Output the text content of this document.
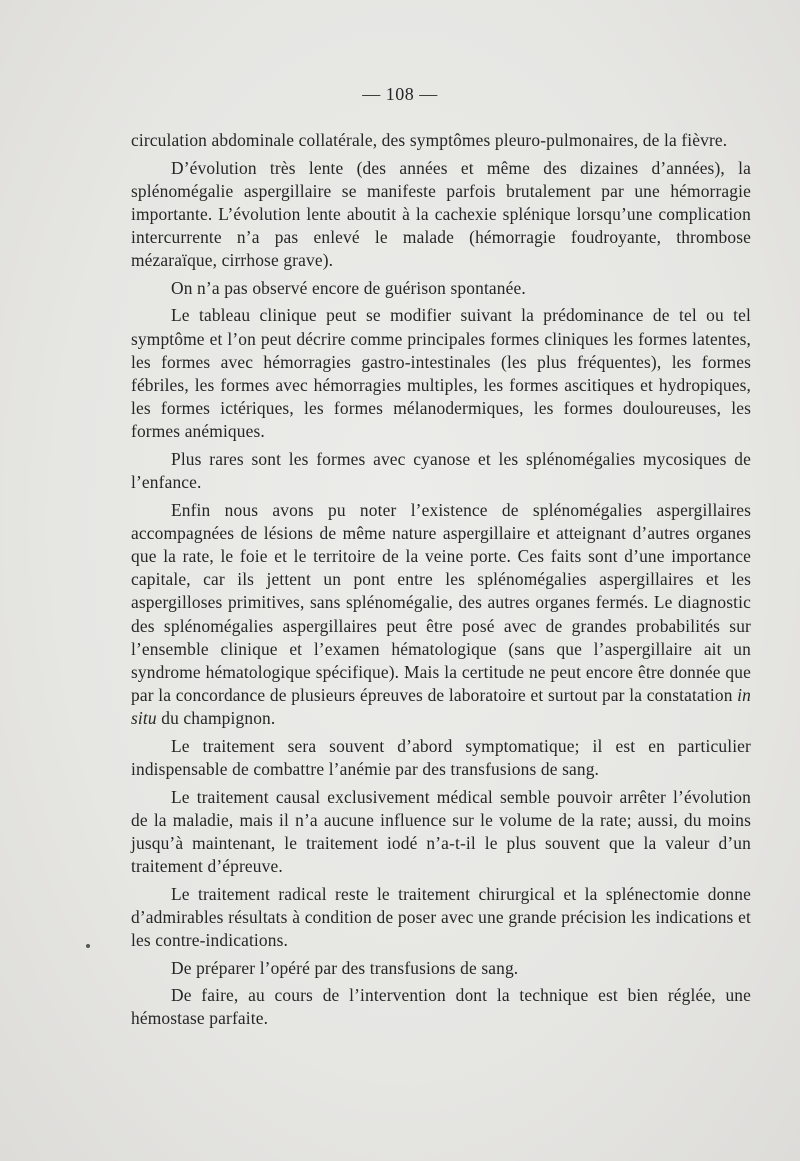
— 108 —

circulation abdominale collatérale, des symptômes pleuro-pulmonaires, de la fièvre.

D’évolution très lente (des années et même des dizaines d’années), la splénomégalie aspergillaire se manifeste parfois brutalement par une hémorragie importante. L’évolution lente aboutit à la cachexie splénique lorsqu’une complication intercurrente n’a pas enlevé le malade (hémorragie foudroyante, thrombose mézaraïque, cirrhose grave).

On n’a pas observé encore de guérison spontanée.

Le tableau clinique peut se modifier suivant la prédominance de tel ou tel symptôme et l’on peut décrire comme principales formes cliniques les formes latentes, les formes avec hémorragies gastro-intestinales (les plus fréquentes), les formes fébriles, les formes avec hémorragies multiples, les formes ascitiques et hydropiques, les formes ictériques, les formes mélanodermiques, les formes douloureuses, les formes anémiques.

Plus rares sont les formes avec cyanose et les splénomégalies mycosiques de l’enfance.

Enfin nous avons pu noter l’existence de splénomégalies aspergillaires accompagnées de lésions de même nature aspergillaire et atteignant d’autres organes que la rate, le foie et le territoire de la veine porte. Ces faits sont d’une importance capitale, car ils jettent un pont entre les splénomégalies aspergillaires et les aspergilloses primitives, sans splénomégalie, des autres organes fermés. Le diagnostic des splénomégalies aspergillaires peut être posé avec de grandes probabilités sur l’ensemble clinique et l’examen hématologique (sans que l’aspergillaire ait un syndrome hématologique spécifique). Mais la certitude ne peut encore être donnée que par la concordance de plusieurs épreuves de laboratoire et surtout par la constatation in situ du champignon.

Le traitement sera souvent d’abord symptomatique; il est en particulier indispensable de combattre l’anémie par des transfusions de sang.

Le traitement causal exclusivement médical semble pouvoir arrêter l’évolution de la maladie, mais il n’a aucune influence sur le volume de la rate; aussi, du moins jusqu’à maintenant, le traitement iodé n’a-t-il le plus souvent que la valeur d’un traitement d’épreuve.

Le traitement radical reste le traitement chirurgical et la splénectomie donne d’admirables résultats à condition de poser avec une grande précision les indications et les contre-indications.

De préparer l’opéré par des transfusions de sang.

De faire, au cours de l’intervention dont la technique est bien réglée, une hémostase parfaite.
